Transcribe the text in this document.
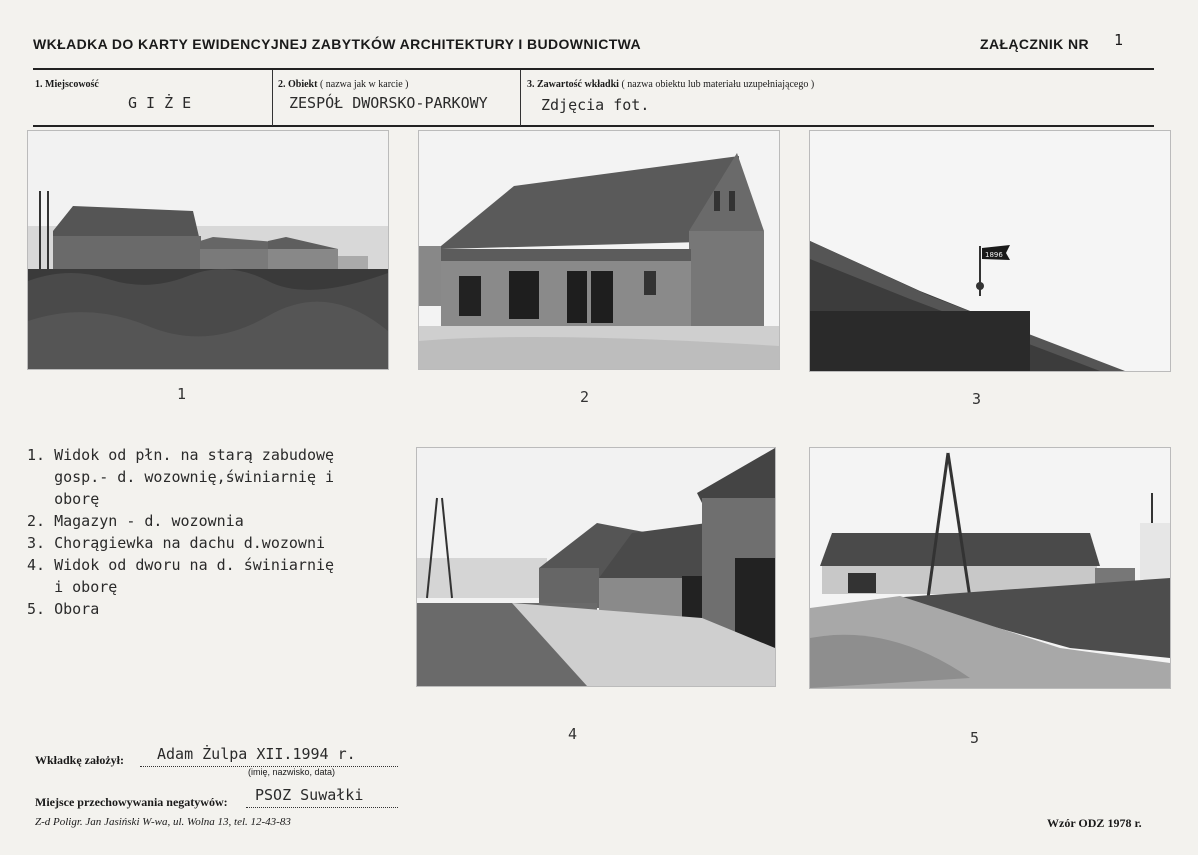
WKŁADKA DO KARTY EWIDENCYJNEJ ZABYTKÓW ARCHITEKTURY I BUDOWNICTWA	ZAŁĄCZNIK NR 1
1. Miejscowość
G I Ż E
2. Obiekt ( nazwa jak w karcie )
ZESPÓŁ DWORSKO-PARKOWY
3. Zawartość wkładki ( nazwa obiektu lub materiału uzupełniającego )
Zdjęcia fot.
1	2
1896
3
1. Widok od płn. na starą zabudowę
gosp.- d. wozownię,świniarnię i
oborę
2. Magazyn - d. wozownia
3. Chorągiewka na dachu d.wozowni
4. Widok od dworu na d. świniarnię
i oborę
5. Obora
4	5
Wkładkę założył: Adam Żulpa XII.1994 r.
(imię, nazwisko, data)
Miejsce przechowywania negatywów: PSOZ Suwałki
Z-d Poligr. Jan Jasiński W-wa, ul. Wolna 13, tel. 12-43-83	Wzór ODZ 1978 r.
